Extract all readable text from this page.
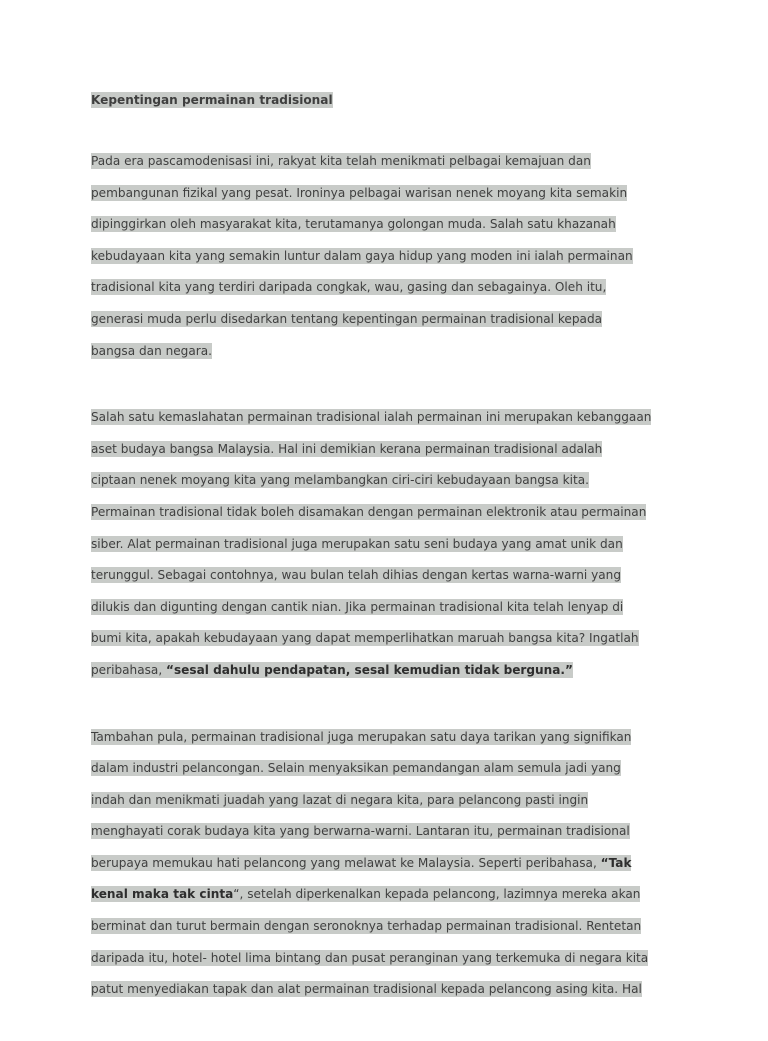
Kepentingan permainan tradisional
Pada era pascamodenisasi ini, rakyat kita telah menikmati pelbagai kemajuan dan
pembangunan fizikal yang pesat. Ironinya pelbagai warisan nenek moyang kita semakin
dipinggirkan oleh masyarakat kita, terutamanya golongan muda. Salah satu khazanah
kebudayaan kita yang semakin luntur dalam gaya hidup yang moden ini ialah permainan
tradisional kita yang terdiri daripada congkak, wau, gasing dan sebagainya. Oleh itu,
generasi muda perlu disedarkan tentang kepentingan permainan tradisional kepada
bangsa dan negara.
Salah satu kemaslahatan permainan tradisional ialah permainan ini merupakan kebanggaan
aset budaya bangsa Malaysia. Hal ini demikian kerana permainan tradisional adalah
ciptaan nenek moyang kita yang melambangkan ciri-ciri kebudayaan bangsa kita.
Permainan tradisional tidak boleh disamakan dengan permainan elektronik atau permainan
siber. Alat permainan tradisional juga merupakan satu seni budaya yang amat unik dan
terunggul. Sebagai contohnya, wau bulan telah dihias dengan kertas warna-warni yang
dilukis dan digunting dengan cantik nian. Jika permainan tradisional kita telah lenyap di
bumi kita, apakah kebudayaan yang dapat memperlihatkan maruah bangsa kita? Ingatlah
peribahasa, “sesal dahulu pendapatan, sesal kemudian tidak berguna.”
Tambahan pula, permainan tradisional juga merupakan satu daya tarikan yang signifikan
dalam industri pelancongan. Selain menyaksikan pemandangan alam semula jadi yang
indah dan menikmati juadah yang lazat di negara kita, para pelancong pasti ingin
menghayati corak budaya kita yang berwarna-warni. Lantaran itu, permainan tradisional
berupaya memukau hati pelancong yang melawat ke Malaysia. Seperti peribahasa, “Tak
kenal maka tak cinta“, setelah diperkenalkan kepada pelancong, lazimnya mereka akan
berminat dan turut bermain dengan seronoknya terhadap permainan tradisional. Rentetan
daripada itu, hotel- hotel lima bintang dan pusat peranginan yang terkemuka di negara kita
patut menyediakan tapak dan alat permainan tradisional kepada pelancong asing kita. Hal
